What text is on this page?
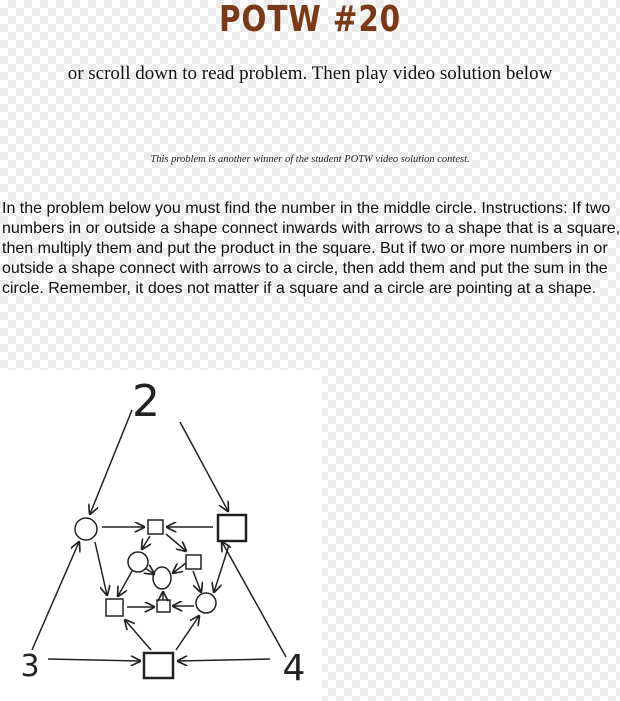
POTW #20
or scroll down to read problem. Then play video solution below
This problem is another winner of the student POTW video solution contest.

In the problem below you must find the number in the middle circle. Instructions: If two numbers in or outside a shape connect inwards with arrows to a shape that is a square, then multiply them and put the product in the square. But if two or more numbers in or outside a shape connect with arrows to a circle, then add them and put the sum in the circle. Remember, it does not matter if a square and a circle are pointing at a shape.

2
3	4
